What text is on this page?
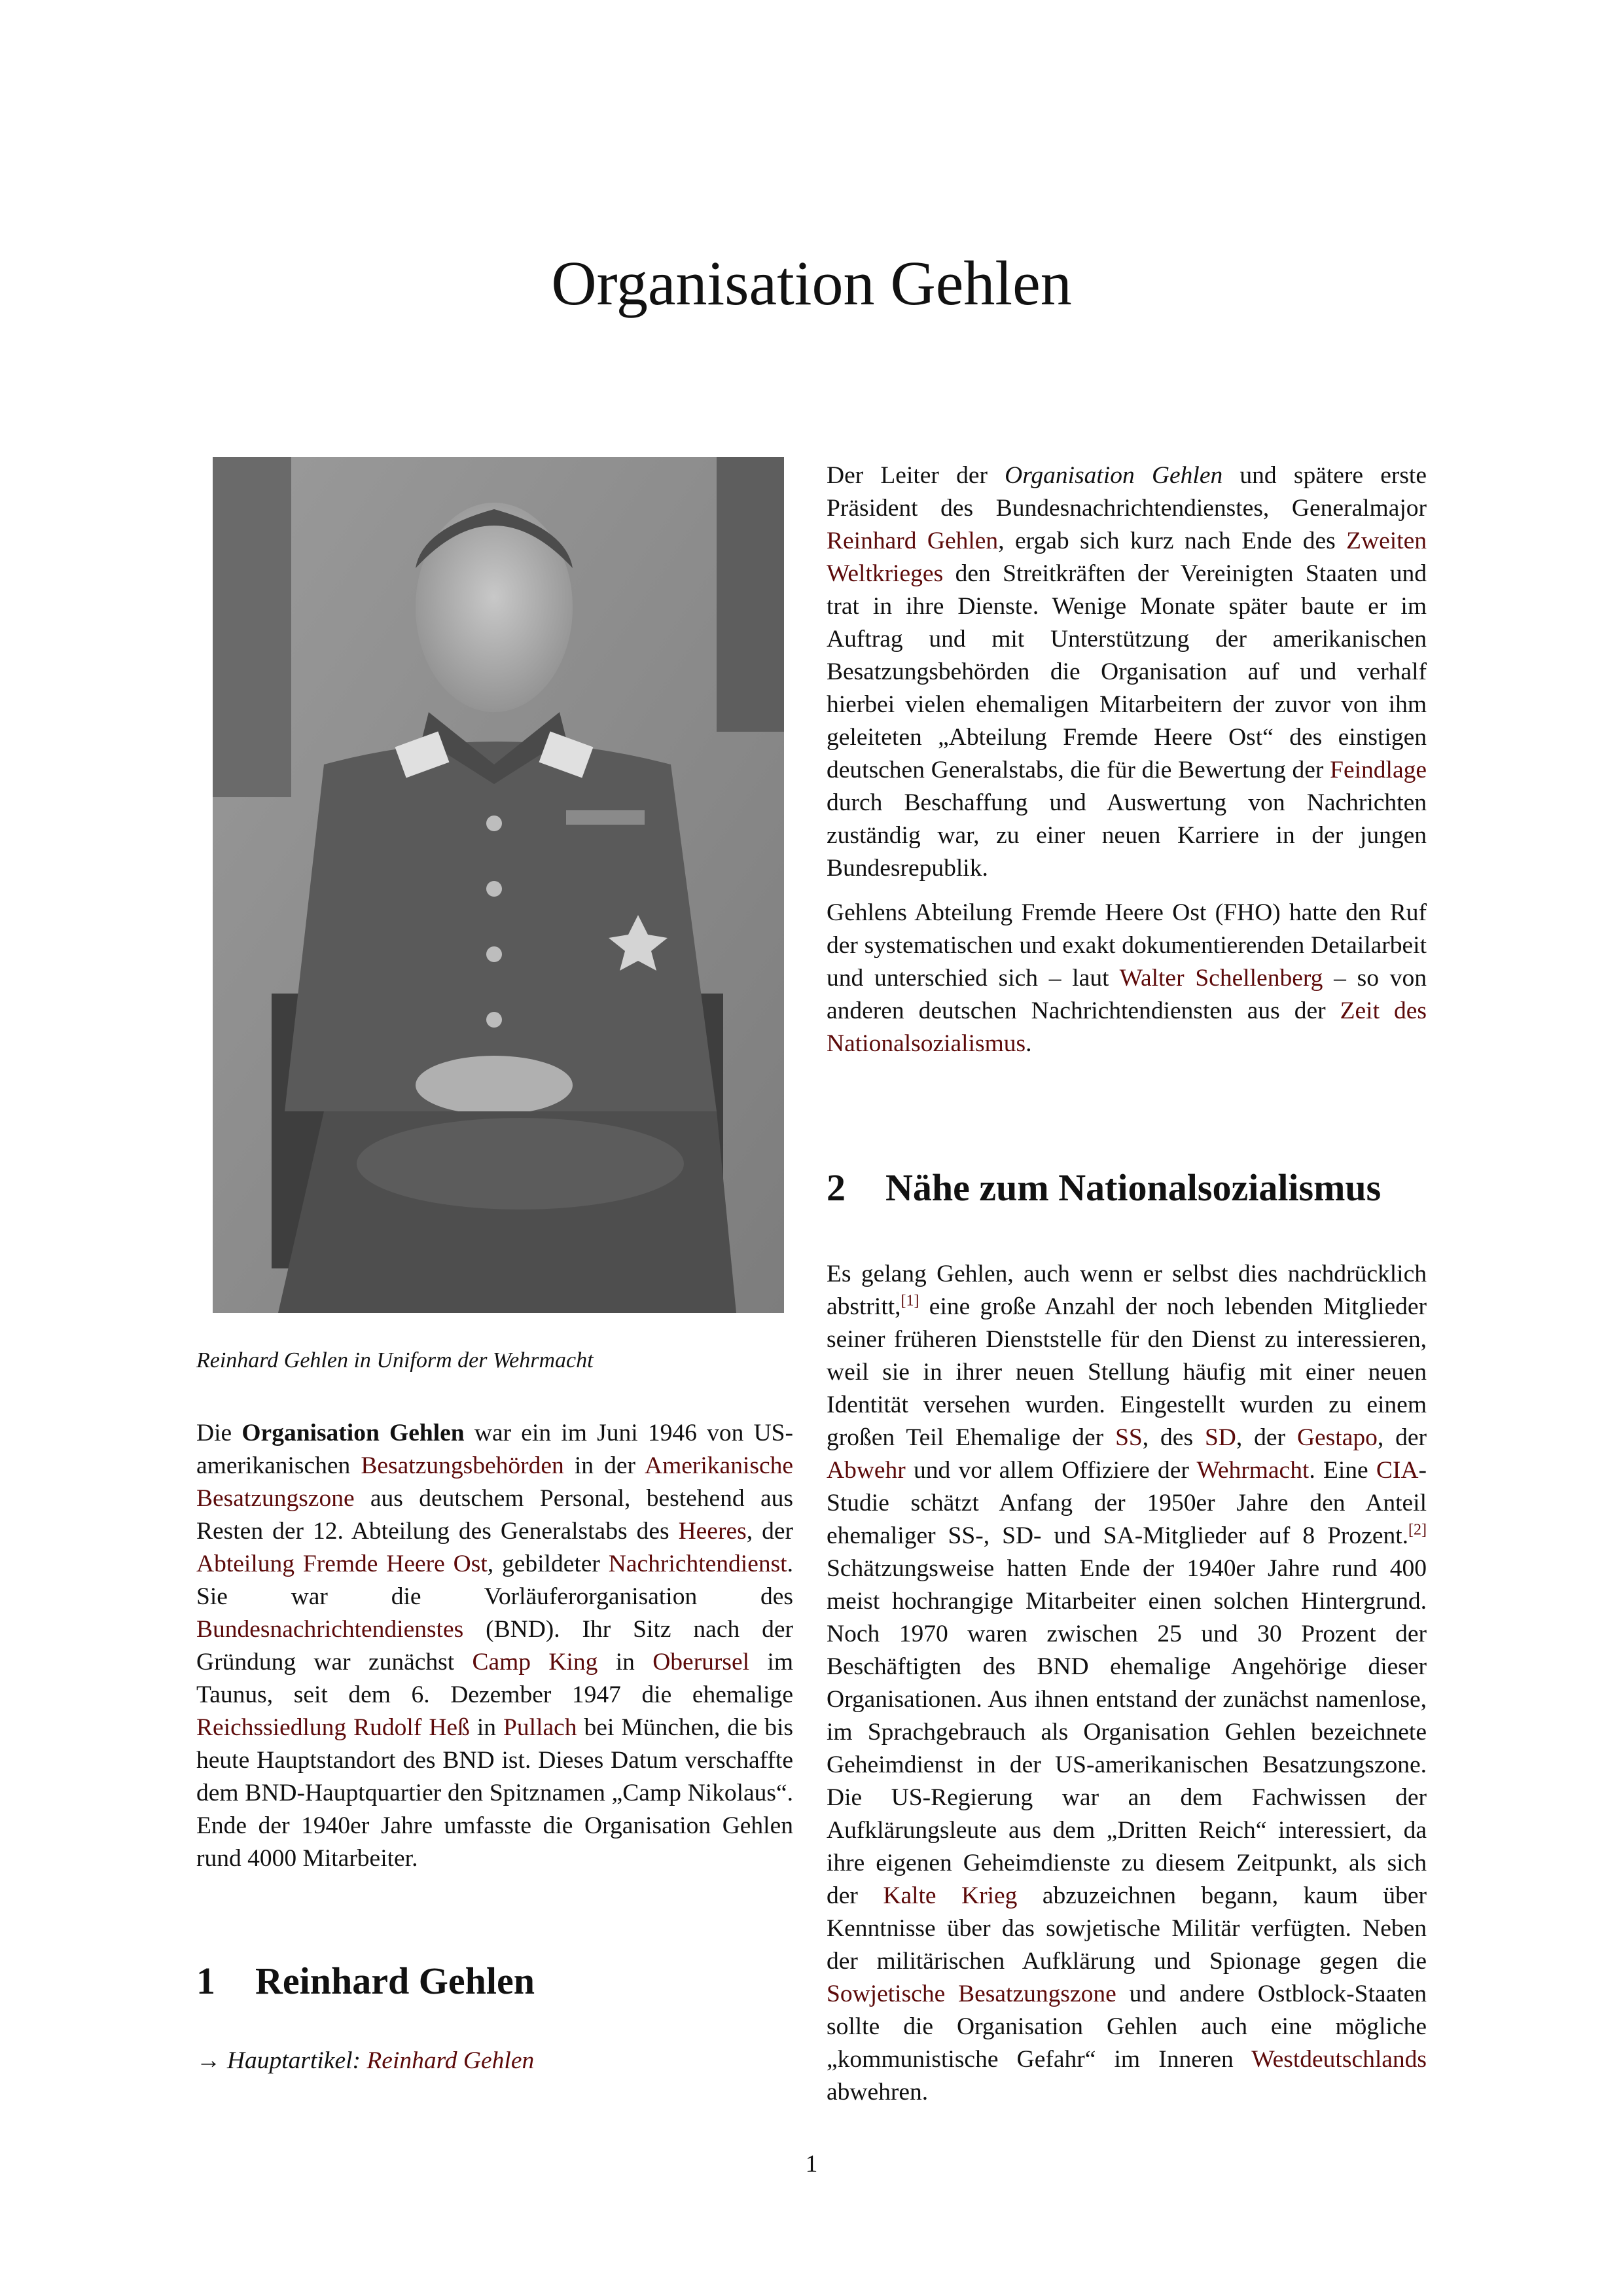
Organisation Gehlen
Reinhard Gehlen in Uniform der Wehrmacht

Der Leiter der Organisation Gehlen und spätere erste Präsident des Bundesnachrichtendienstes, Generalmajor Reinhard Gehlen, ergab sich kurz nach Ende des Zweiten Weltkrieges den Streitkräften der Vereinigten Staaten und trat in ihre Dienste. Wenige Monate später baute er im Auftrag und mit Unterstützung der amerikanischen Besatzungsbehörden die Organisation auf und verhalf hierbei vielen ehemaligen Mitarbeitern der zuvor von ihm geleiteten „Abteilung Fremde Heere Ost“ des einstigen deutschen Generalstabs, die für die Bewertung der Feindlage durch Beschaffung und Auswertung von Nachrichten zuständig war, zu einer neuen Karriere in der jungen Bundesrepublik.

Gehlens Abteilung Fremde Heere Ost (FHO) hatte den Ruf der systematischen und exakt dokumentierenden Detailarbeit und unterschied sich – laut Walter Schellenberg – so von anderen deutschen Nachrichtendiensten aus der Zeit des Nationalsozialismus.

2 Nähe zum Nationalsozialismus

Es gelang Gehlen, auch wenn er selbst dies nachdrücklich abstritt,[1] eine große Anzahl der noch lebenden Mitglieder seiner früheren Dienststelle für den Dienst zu interessieren, weil sie in ihrer neuen Stellung häufig mit einer neuen Identität versehen wurden. Eingestellt wurden zu einem großen Teil Ehemalige der SS, des SD, der Gestapo, der Abwehr und vor allem Offiziere der Wehrmacht. Eine CIA-Studie schätzt Anfang der 1950er Jahre den Anteil ehemaliger SS-, SD- und SA-Mitglieder auf 8 Prozent.[2] Schätzungsweise hatten Ende der 1940er Jahre rund 400 meist hochrangige Mitarbeiter einen solchen Hintergrund. Noch 1970 waren zwischen 25 und 30 Prozent der Beschäftigten des BND ehemalige Angehörige dieser Organisationen. Aus ihnen entstand der zunächst namenlose, im Sprachgebrauch als Organisation Gehlen bezeichnete Geheimdienst in der US-amerikanischen Besatzungszone. Die US-Regierung war an dem Fachwissen der Aufklärungsleute aus dem „Dritten Reich“ interessiert, da ihre eigenen Geheimdienste zu diesem Zeitpunkt, als sich der Kalte Krieg abzuzeichnen begann, kaum über Kenntnisse über das sowjetische Militär verfügten. Neben der militärischen Aufklärung und Spionage gegen die Sowjetische Besatzungszone und andere Ostblock-Staaten sollte die Organisation Gehlen auch eine mögliche „kommunistische Gefahr“ im Inneren Westdeutschlands abwehren.

Die Organisation Gehlen war ein im Juni 1946 von US-amerikanischen Besatzungsbehörden in der Amerikanische Besatzungszone aus deutschem Personal, bestehend aus Resten der 12. Abteilung des Generalstabs des Heeres, der Abteilung Fremde Heere Ost, gebildeter Nachrichtendienst. Sie war die Vorläuferorganisation des Bundesnachrichtendienstes (BND). Ihr Sitz nach der Gründung war zunächst Camp King in Oberursel im Taunus, seit dem 6. Dezember 1947 die ehemalige Reichssiedlung Rudolf Heß in Pullach bei München, die bis heute Hauptstandort des BND ist. Dieses Datum verschaffte dem BND-Hauptquartier den Spitznamen „Camp Nikolaus“. Ende der 1940er Jahre umfasste die Organisation Gehlen rund 4000 Mitarbeiter.

1 Reinhard Gehlen
→ Hauptartikel: Reinhard Gehlen
1
